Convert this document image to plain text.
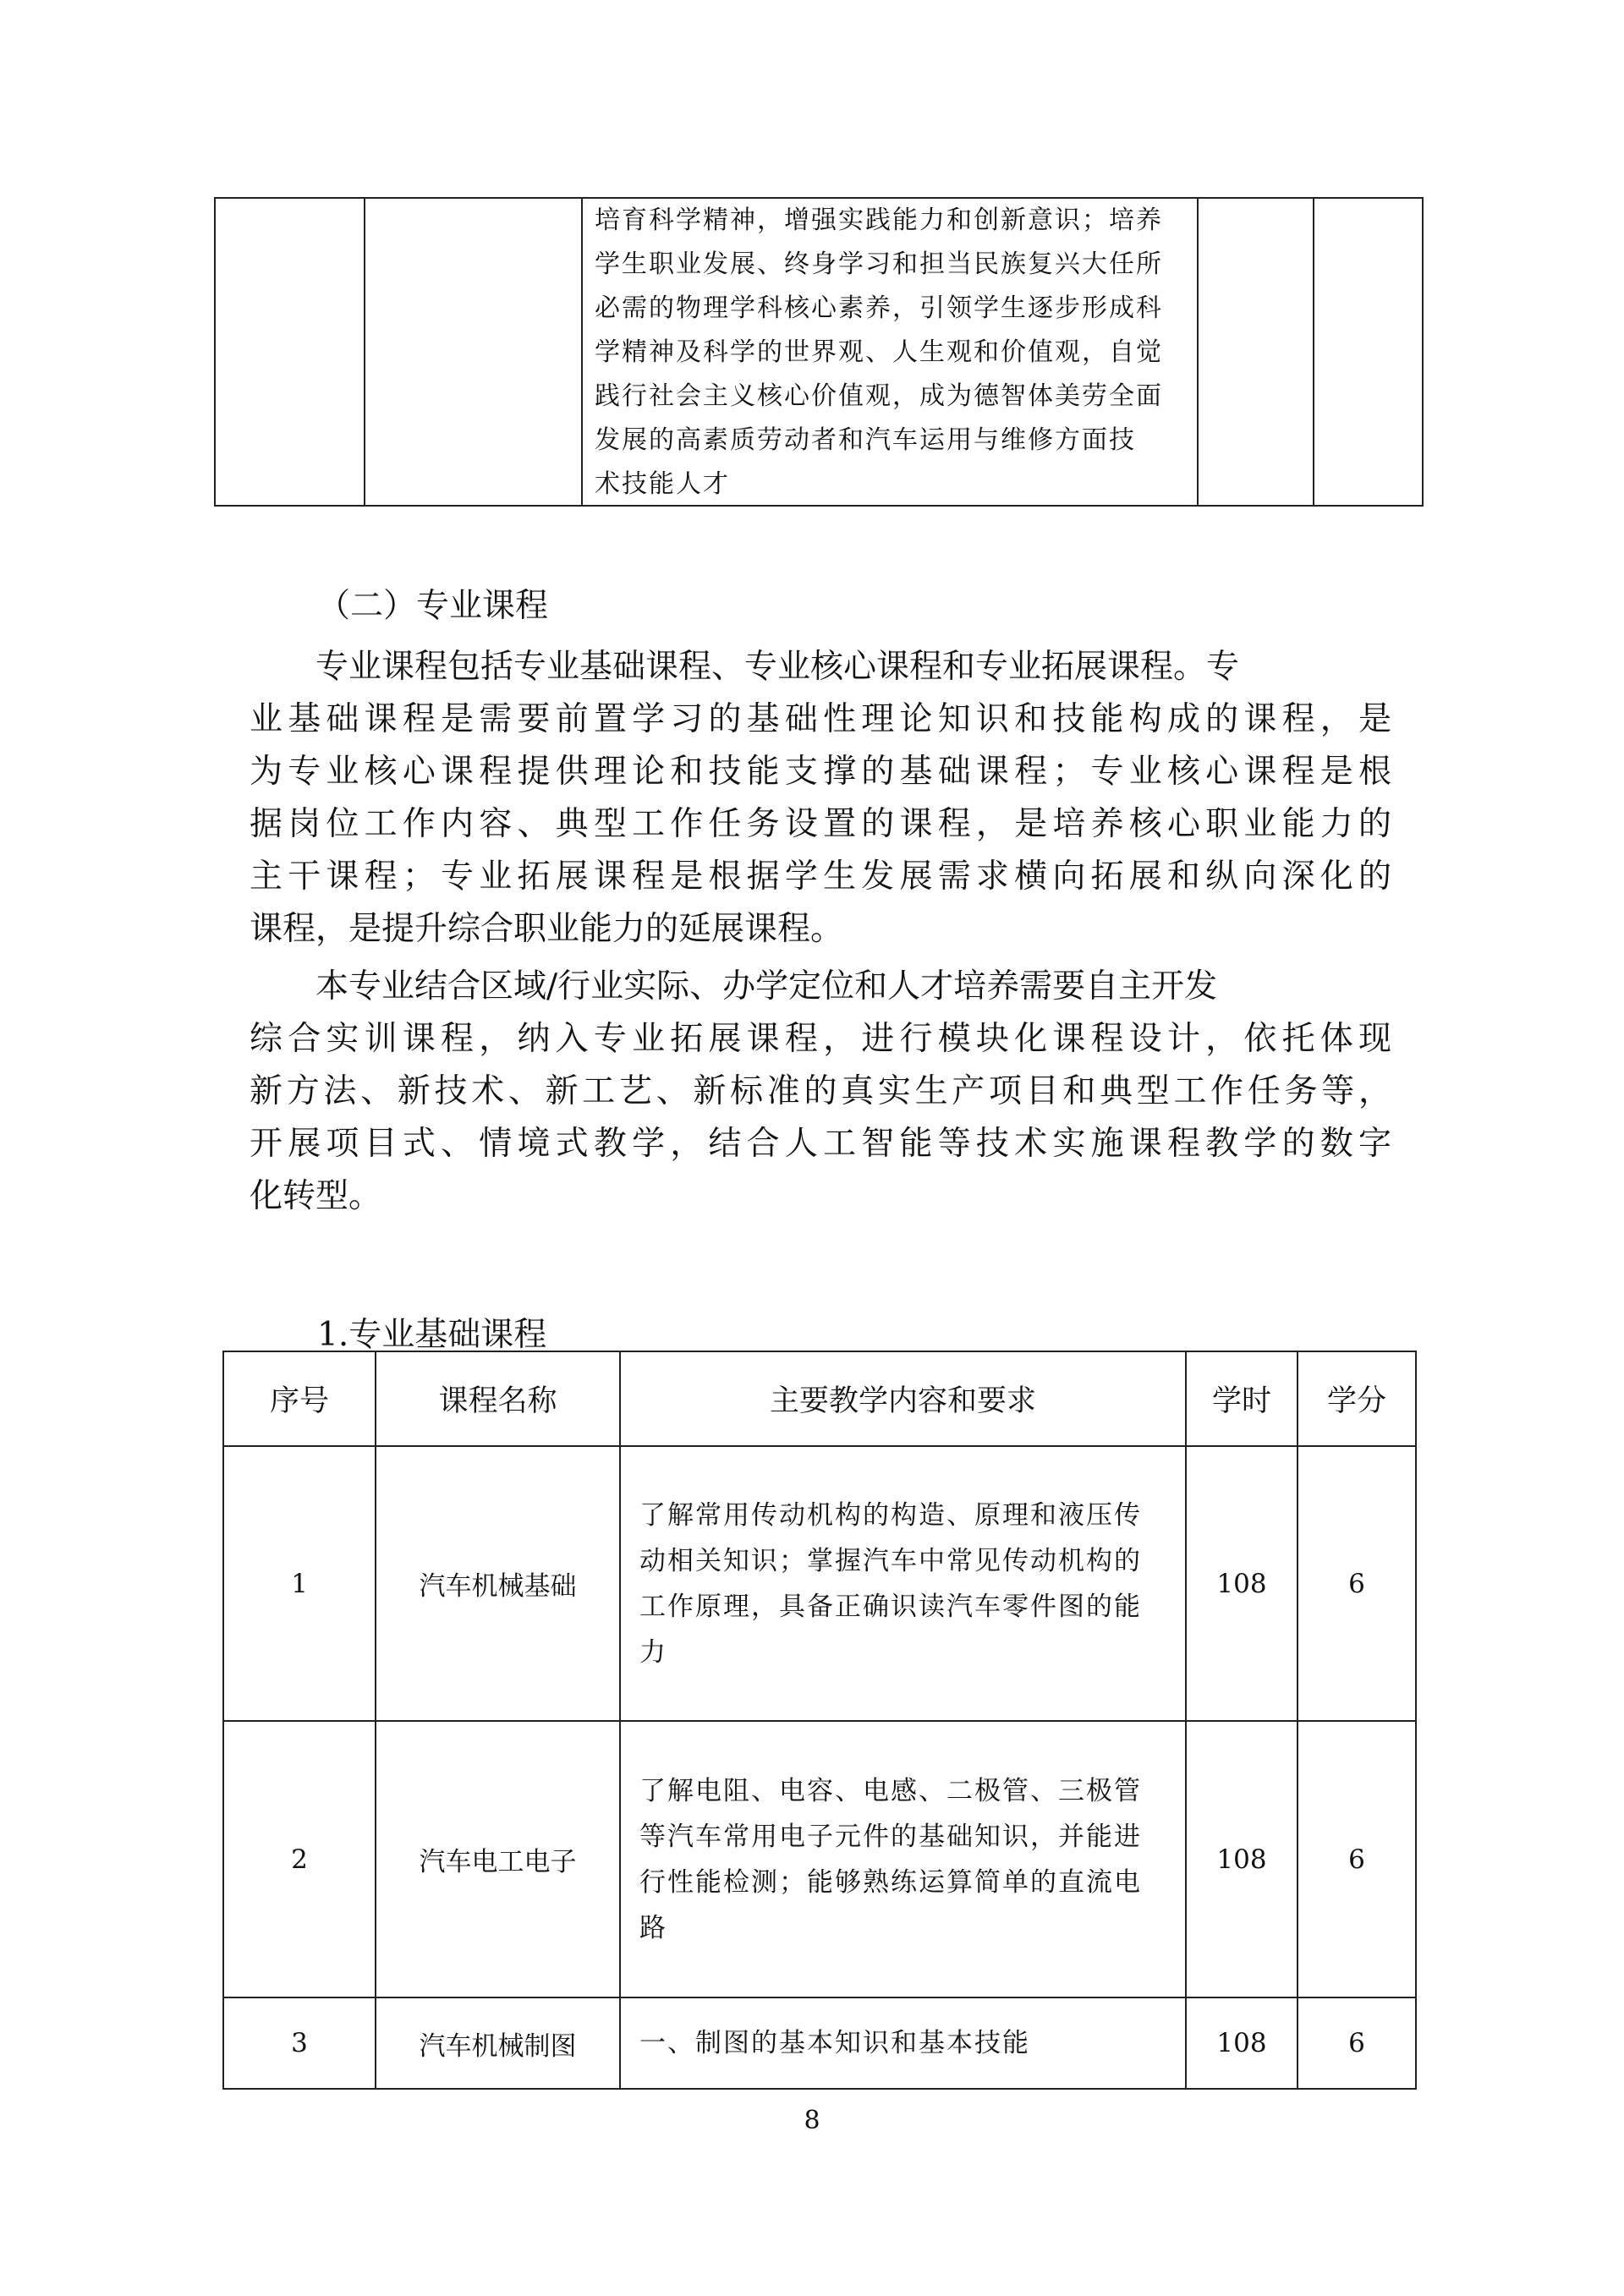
培育科学精神，增强实践能力和创新意识；培养
学生职业发展、终身学习和担当民族复兴大任所
必需的物理学科核心素养，引领学生逐步形成科
学精神及科学的世界观、人生观和价值观，自觉
践行社会主义核心价值观，成为德智体美劳全面
发展的高素质劳动者和汽车运用与维修方面技
术技能人才

（二）专业课程
专业课程包括专业基础课程、专业核心课程和专业拓展课程。专
业基础课程是需要前置学习的基础性理论知识和技能构成的课程，是
为专业核心课程提供理论和技能支撑的基础课程；专业核心课程是根
据岗位工作内容、典型工作任务设置的课程，是培养核心职业能力的
主干课程；专业拓展课程是根据学生发展需求横向拓展和纵向深化的
课程，是提升综合职业能力的延展课程。
本专业结合区域/行业实际、办学定位和人才培养需要自主开发
综合实训课程，纳入专业拓展课程，进行模块化课程设计，依托体现
新方法、新技术、新工艺、新标准的真实生产项目和典型工作任务等，
开展项目式、情境式教学，结合人工智能等技术实施课程教学的数字
化转型。
1.专业基础课程
序号	课程名称	主要教学内容和要求	学时	学分
1	汽车机械基础	了解常用传动机构的构造、原理和液压传
动相关知识；掌握汽车中常见传动机构的
工作原理，具备正确识读汽车零件图的能
力	108	6
2	汽车电工电子	了解电阻、电容、电感、二极管、三极管
等汽车常用电子元件的基础知识，并能进
行性能检测；能够熟练运算简单的直流电
路	108	6
3	汽车机械制图	一、制图的基本知识和基本技能	108	6
8
